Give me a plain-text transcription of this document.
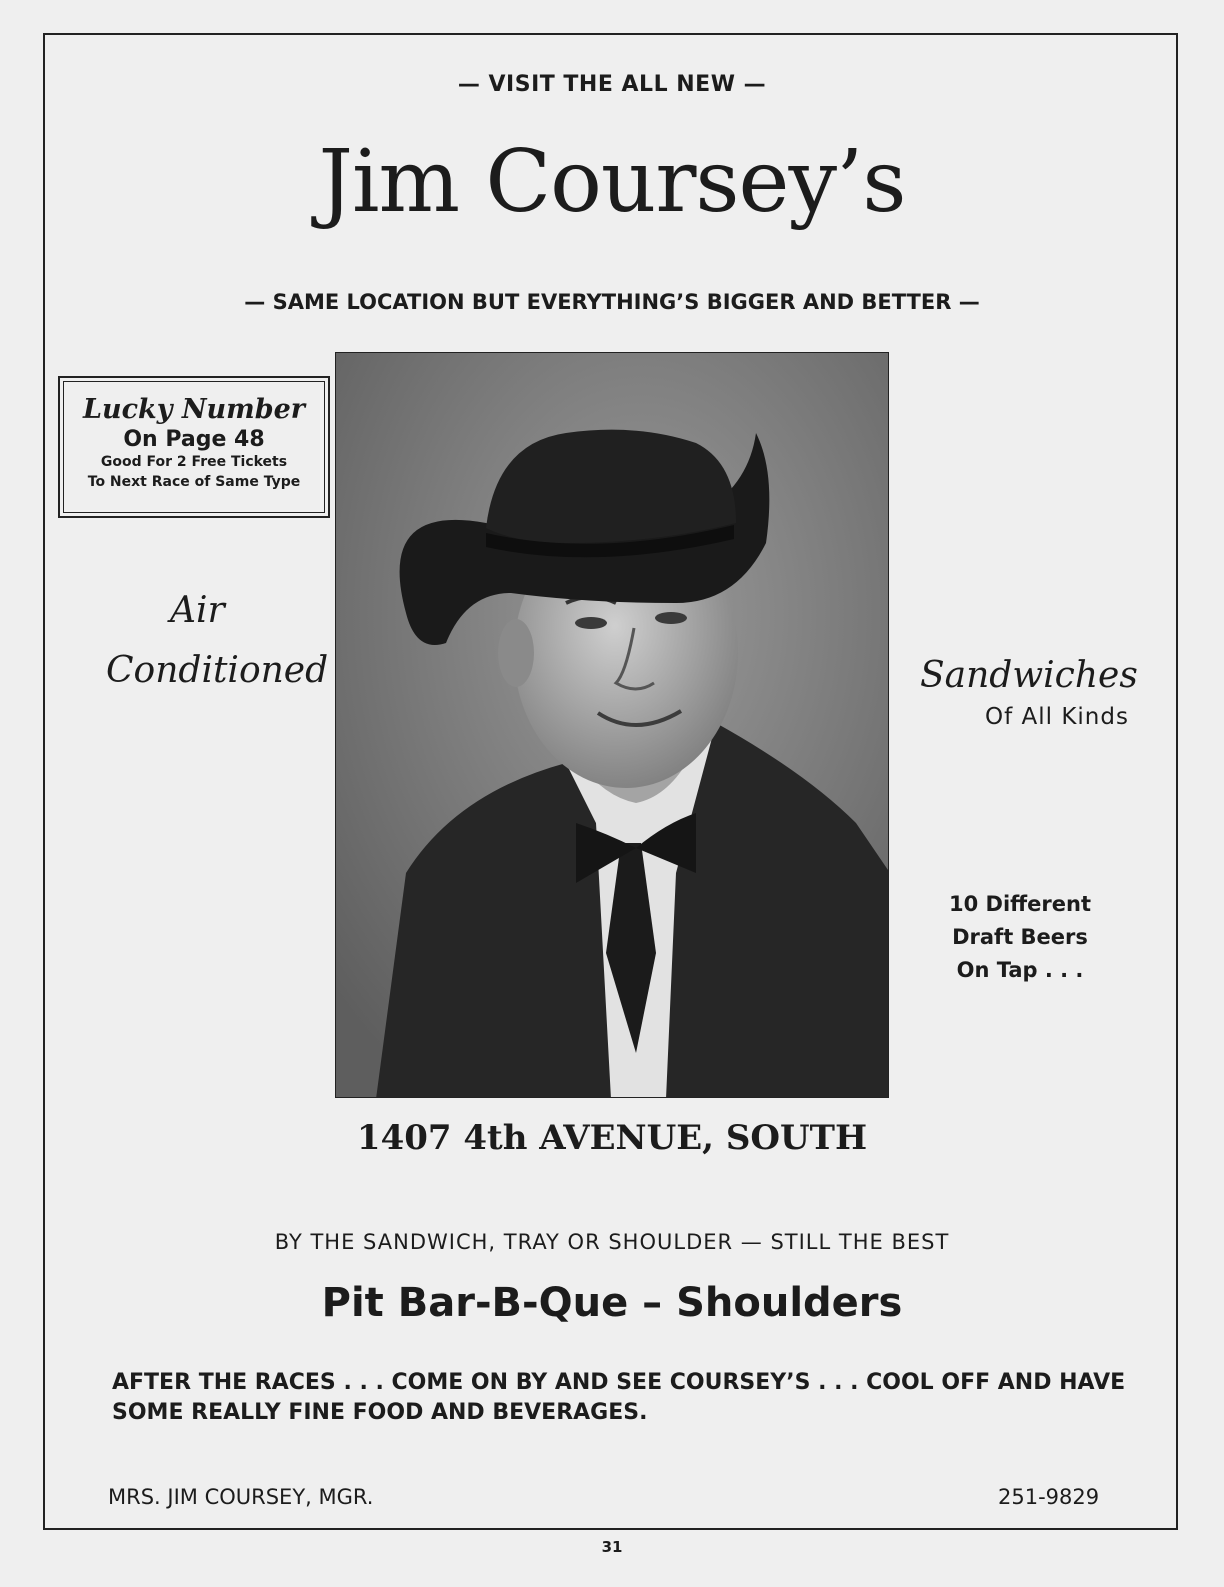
— VISIT THE ALL NEW —
Jim Coursey’s
— SAME LOCATION BUT EVERYTHING’S BIGGER AND BETTER —
Lucky Number
On Page 48
Good For 2 Free Tickets
To Next Race of Same Type
Air
Conditioned	Sandwiches
Of All Kinds
10 Different
Draft Beers
On Tap . . .
1407 4th AVENUE, SOUTH
BY THE SANDWICH, TRAY OR SHOULDER — STILL THE BEST
Pit Bar-B-Que – Shoulders
AFTER THE RACES . . . COME ON BY AND SEE COURSEY’S . . . COOL OFF AND HAVE
SOME REALLY FINE FOOD AND BEVERAGES.
MRS. JIM COURSEY, MGR.	251-9829
31
